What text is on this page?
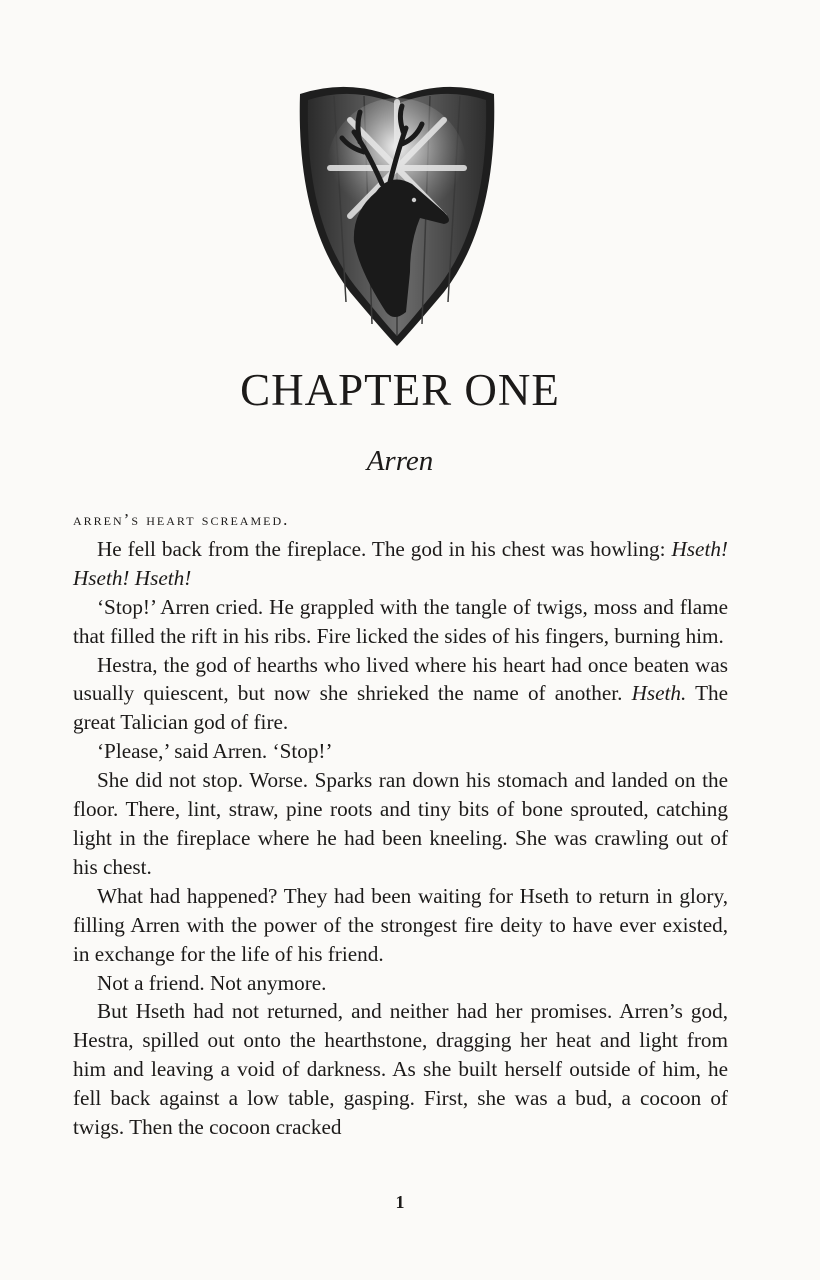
CHAPTER ONE
Arren
arren’s heart screamed.
He fell back from the fireplace. The god in his chest was howling: Hseth! Hseth! Hseth!
‘Stop!’ Arren cried. He grappled with the tangle of twigs, moss and flame that filled the rift in his ribs. Fire licked the sides of his fingers, burning him.
Hestra, the god of hearths who lived where his heart had once beaten was usually quiescent, but now she shrieked the name of another. Hseth. The great Talician god of fire.
‘Please,’ said Arren. ‘Stop!’
She did not stop. Worse. Sparks ran down his stomach and landed on the floor. There, lint, straw, pine roots and tiny bits of bone sprouted, catching light in the fireplace where he had been kneeling. She was crawling out of his chest.
What had happened? They had been waiting for Hseth to return in glory, filling Arren with the power of the strongest fire deity to have ever existed, in exchange for the life of his friend.
Not a friend. Not anymore.
But Hseth had not returned, and neither had her promises. Arren’s god, Hestra, spilled out onto the hearthstone, dragging her heat and light from him and leaving a void of darkness. As she built herself outside of him, he fell back against a low table, gasping. First, she was a bud, a cocoon of twigs. Then the cocoon cracked
1
